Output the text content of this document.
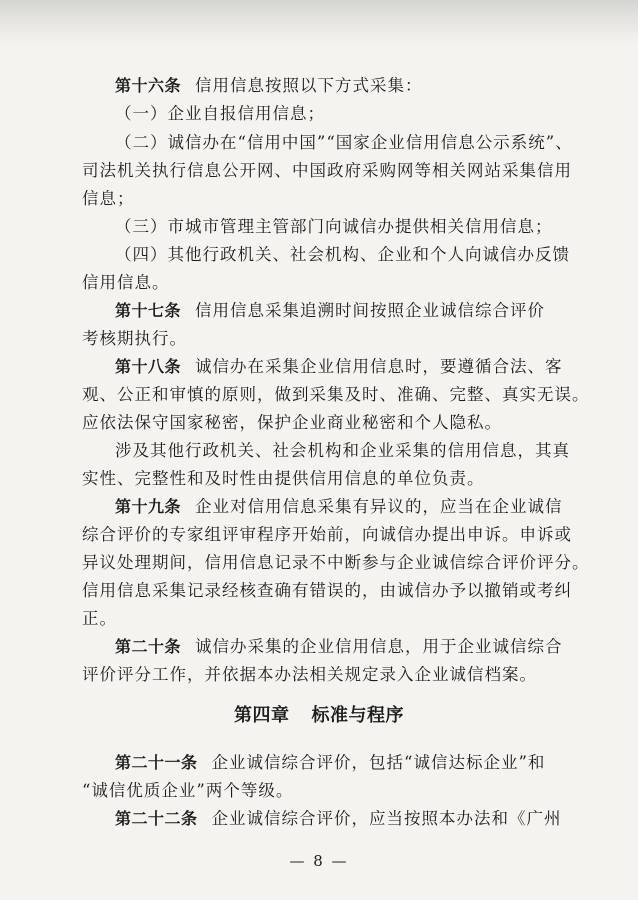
第十六条 信用信息按照以下方式采集：
（一）企业自报信用信息；
（二）诚信办在“信用中国”“国家企业信用信息公示系统”、
司法机关执行信息公开网、中国政府采购网等相关网站采集信用
信息；
（三）市城市管理主管部门向诚信办提供相关信用信息；
（四）其他行政机关、社会机构、企业和个人向诚信办反馈
信用信息。
第十七条 信用信息采集追溯时间按照企业诚信综合评价
考核期执行。
第十八条 诚信办在采集企业信用信息时，要遵循合法、客
观、公正和审慎的原则，做到采集及时、准确、完整、真实无误。
应依法保守国家秘密，保护企业商业秘密和个人隐私。
涉及其他行政机关、社会机构和企业采集的信用信息，其真
实性、完整性和及时性由提供信用信息的单位负责。
第十九条 企业对信用信息采集有异议的，应当在企业诚信
综合评价的专家组评审程序开始前，向诚信办提出申诉。申诉或
异议处理期间，信用信息记录不中断参与企业诚信综合评价评分。
信用信息采集记录经核查确有错误的，由诚信办予以撤销或考纠
正。
第二十条 诚信办采集的企业信用信息，用于企业诚信综合
评价评分工作，并依据本办法相关规定录入企业诚信档案。
第四章 标准与程序
第二十一条 企业诚信综合评价，包括“诚信达标企业”和
“诚信优质企业”两个等级。
第二十二条 企业诚信综合评价，应当按照本办法和《广州
— 8 —
